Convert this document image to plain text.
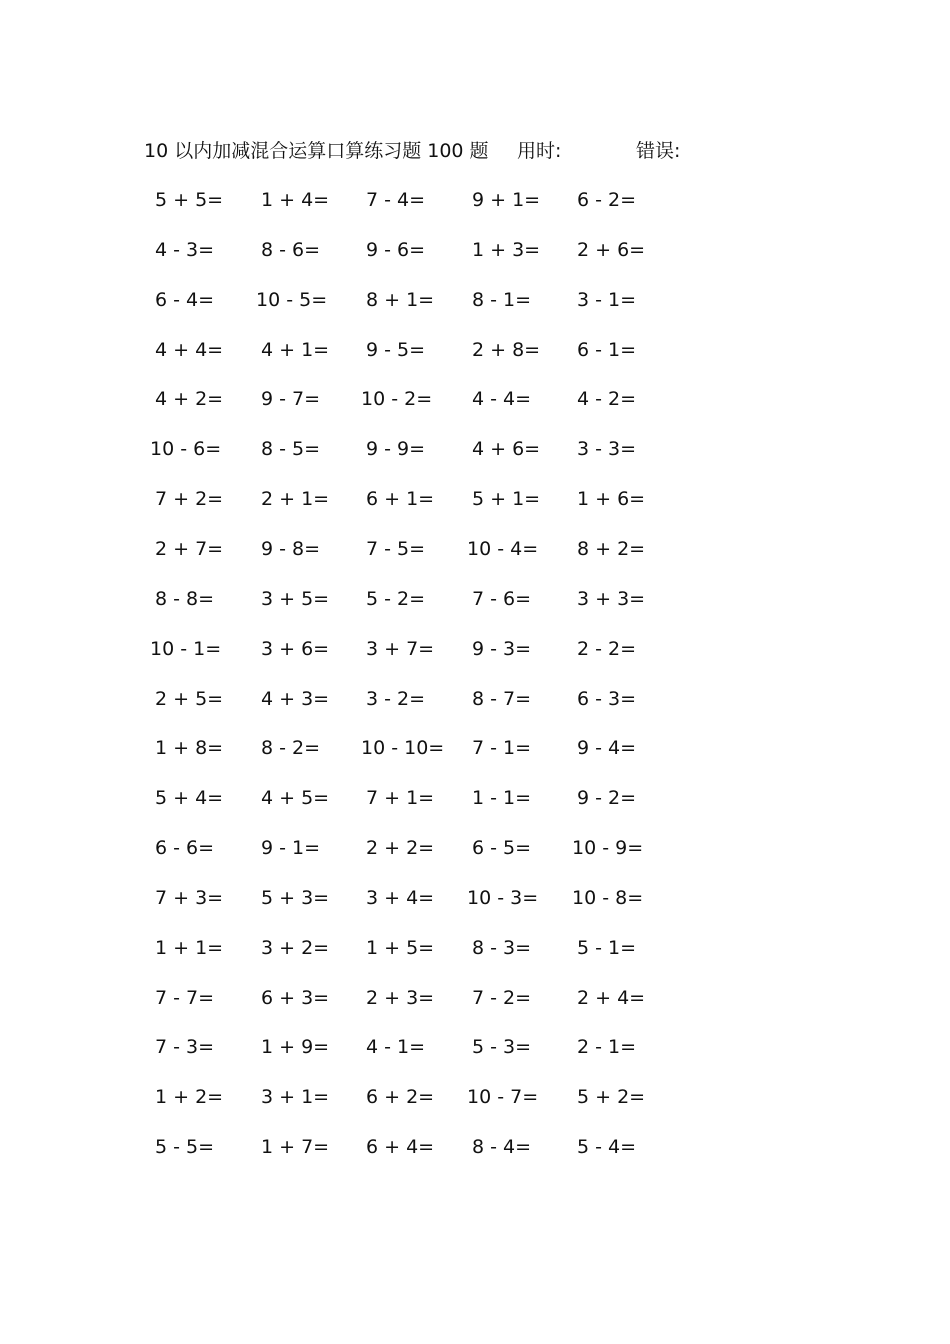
10 以内加减混合运算口算练习题 100 题 用时:	错误:
5 + 5=	1 + 4=	7 - 4=	9 + 1=	6 - 2=
4 - 3=	8 - 6=	9 - 6=	1 + 3=	2 + 6=
6 - 4=	10 - 5=	8 + 1=	8 - 1=	3 - 1=
4 + 4=	4 + 1=	9 - 5=	2 + 8=	6 - 1=
4 + 2=	9 - 7=	10 - 2=	4 - 4=	4 - 2=
10 - 6=	8 - 5=	9 - 9=	4 + 6=	3 - 3=
7 + 2=	2 + 1=	6 + 1=	5 + 1=	1 + 6=
2 + 7=	9 - 8=	7 - 5=	10 - 4=	8 + 2=
8 - 8=	3 + 5=	5 - 2=	7 - 6=	3 + 3=
10 - 1=	3 + 6=	3 + 7=	9 - 3=	2 - 2=
2 + 5=	4 + 3=	3 - 2=	8 - 7=	6 - 3=
1 + 8=	8 - 2=	10 - 10=	7 - 1=	9 - 4=
5 + 4=	4 + 5=	7 + 1=	1 - 1=	9 - 2=
6 - 6=	9 - 1=	2 + 2=	6 - 5=	10 - 9=
7 + 3=	5 + 3=	3 + 4=	10 - 3=	10 - 8=
1 + 1=	3 + 2=	1 + 5=	8 - 3=	5 - 1=
7 - 7=	6 + 3=	2 + 3=	7 - 2=	2 + 4=
7 - 3=	1 + 9=	4 - 1=	5 - 3=	2 - 1=
1 + 2=	3 + 1=	6 + 2=	10 - 7=	5 + 2=
5 - 5=	1 + 7=	6 + 4=	8 - 4=	5 - 4=
